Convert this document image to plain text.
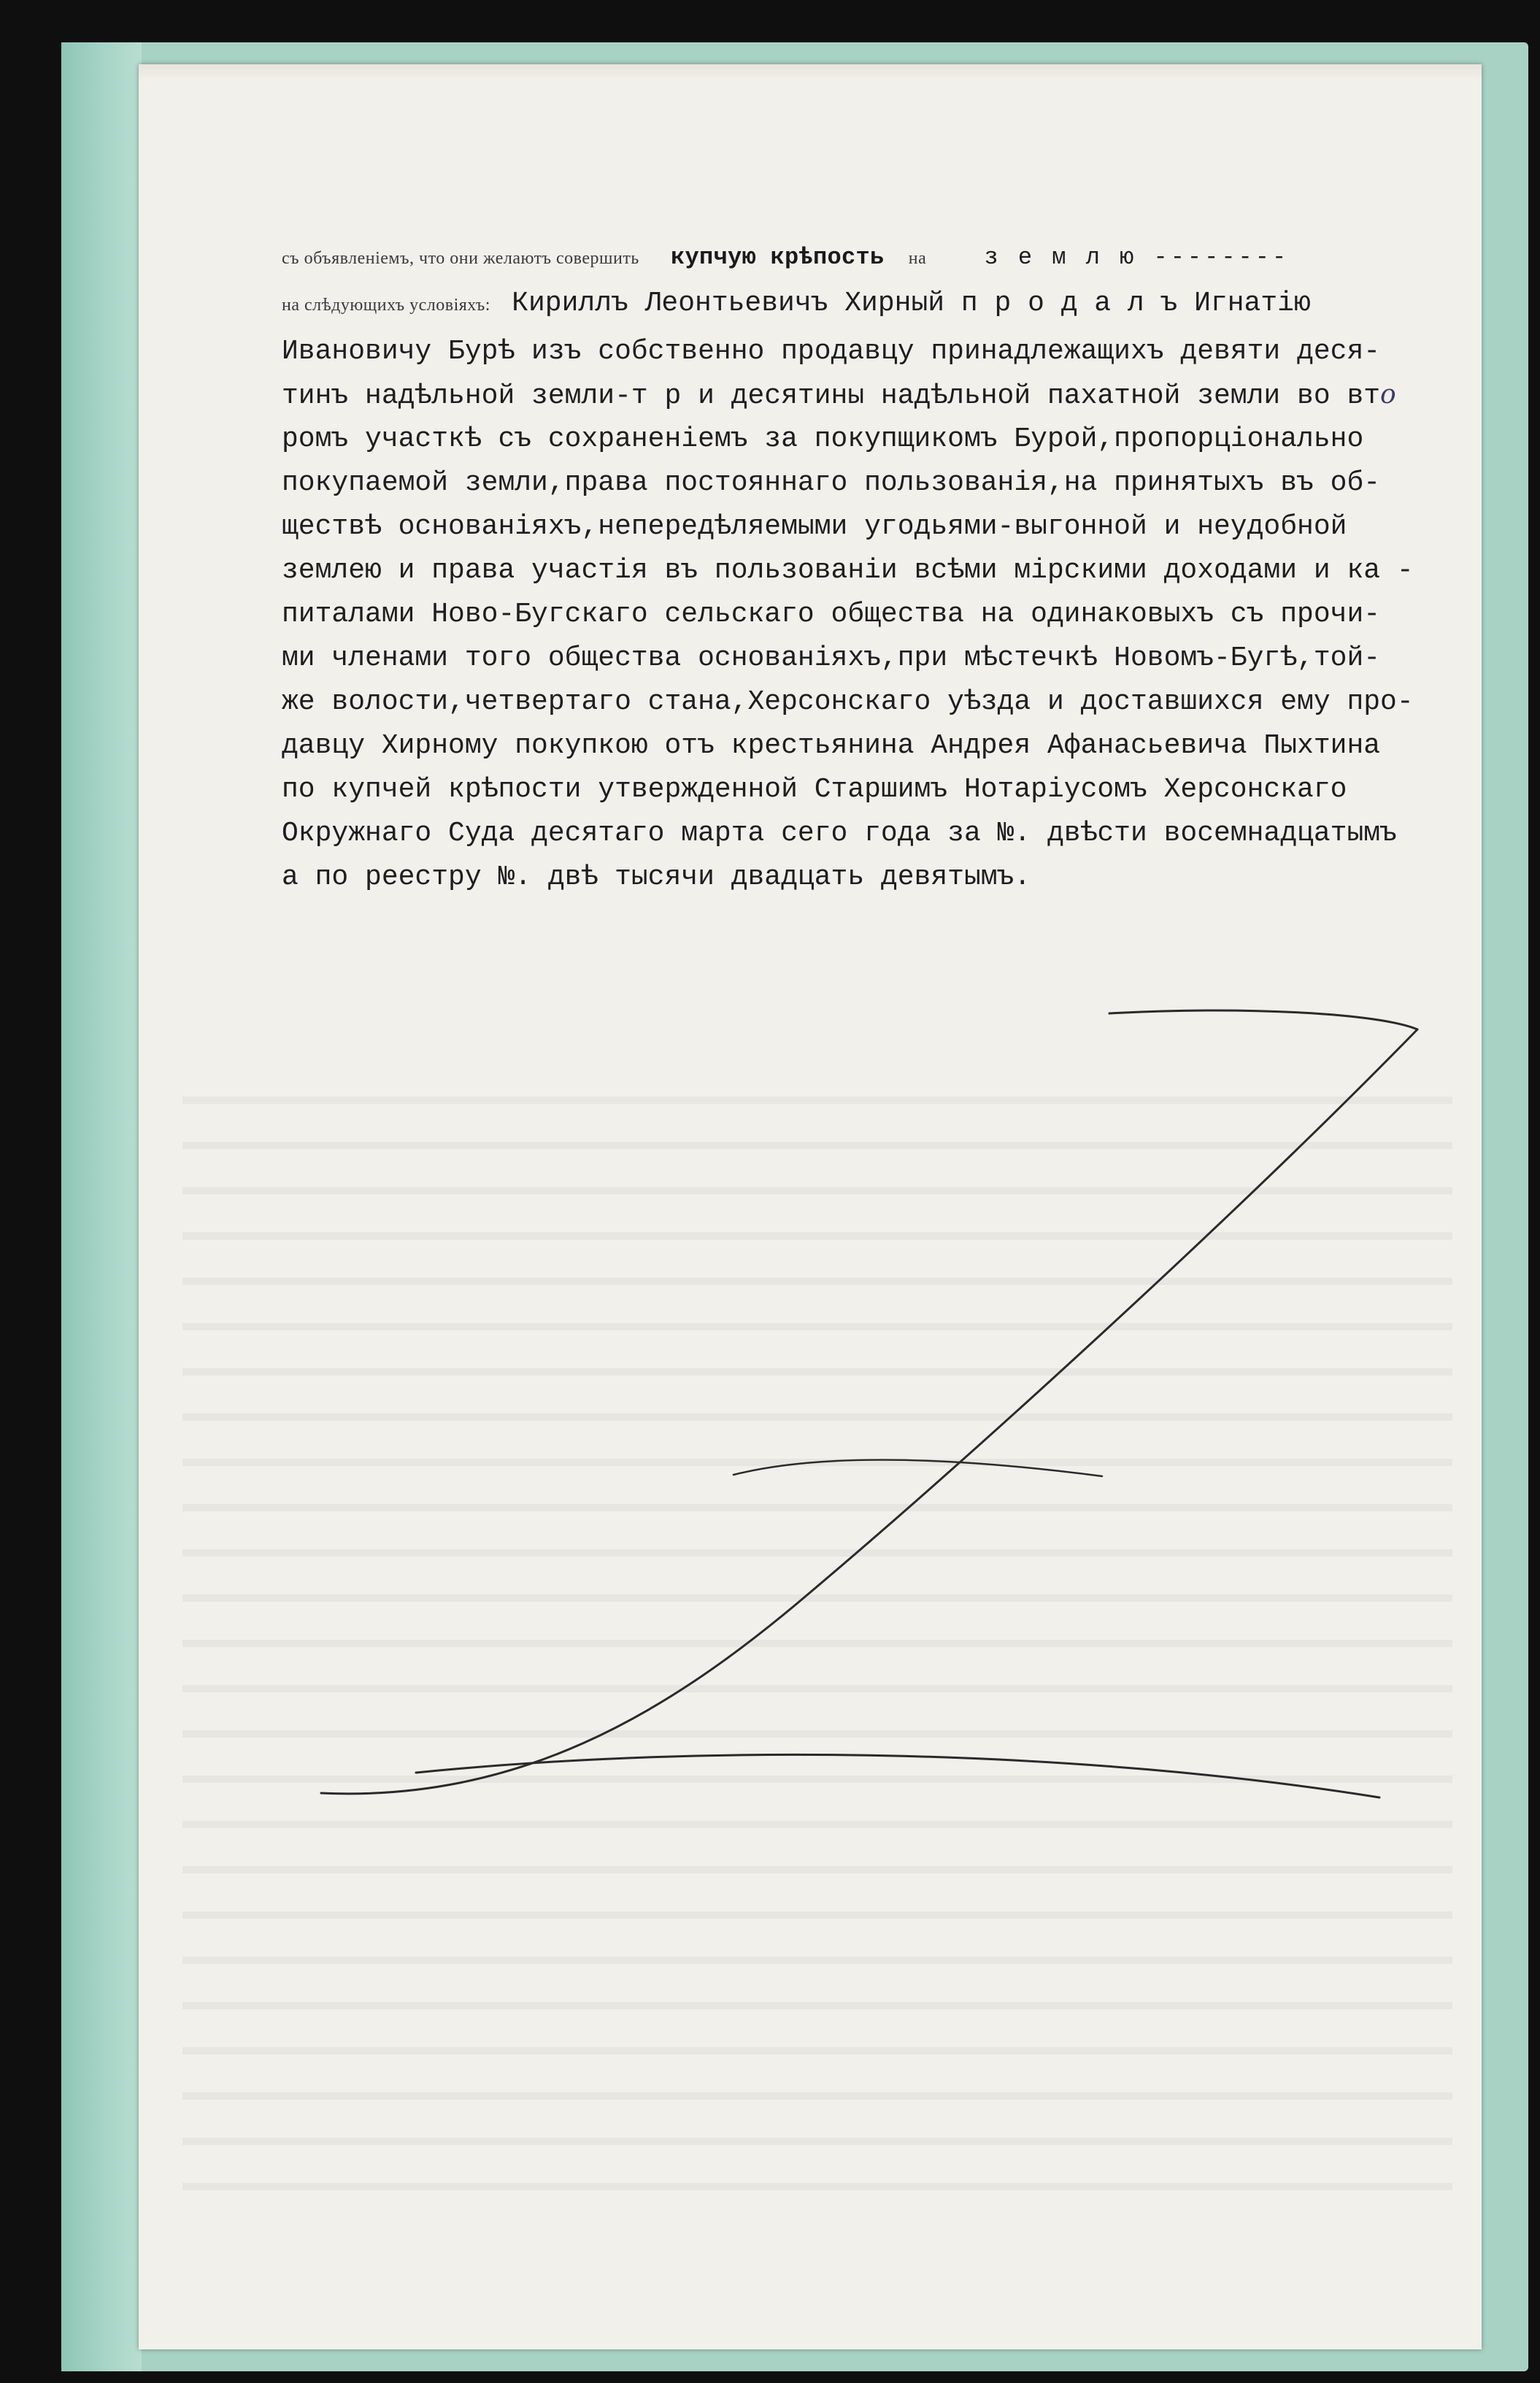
съ объявленіемъ, что они желаютъ совершить купчую крѣпость на з е м л ю --------
на слѣдующихъ условіяхъ: Кириллъ Леонтьевичъ Хирный п р о д а л ъ Игнатію
Ивановичу Бурѣ изъ собственно продавцу принадлежащихъ девяти деся-
тинъ надѣльной земли-т р и десятины надѣльной пахатной земли во вто
ромъ участкѣ съ сохраненіемъ за покупщикомъ Бурой,пропорціонально
покупаемой земли,права постояннаго пользованія,на принятыхъ въ об-
ществѣ основаніяхъ,непередѣляемыми угодьями-выгонной и неудобной
землею и права участія въ пользованіи всѣми мірскими доходами и ка -
питалами Ново-Бугскаго сельскаго общества на одинаковыхъ съ прочи-
ми членами того общества основаніяхъ,при мѣстечкѣ Новомъ-Бугѣ,той-
же волости,четвертаго стана,Херсонскаго уѣзда и доставшихся ему про-
давцу Хирному покупкою отъ крестьянина Андрея Афанасьевича Пыхтина
по купчей крѣпости утвержденной Старшимъ Нотаріусомъ Херсонскаго
Окружнаго Суда десятаго марта сего года за №. двѣсти восемнадцатымъ
а по реестру №. двѣ тысячи двадцать девятымъ.
